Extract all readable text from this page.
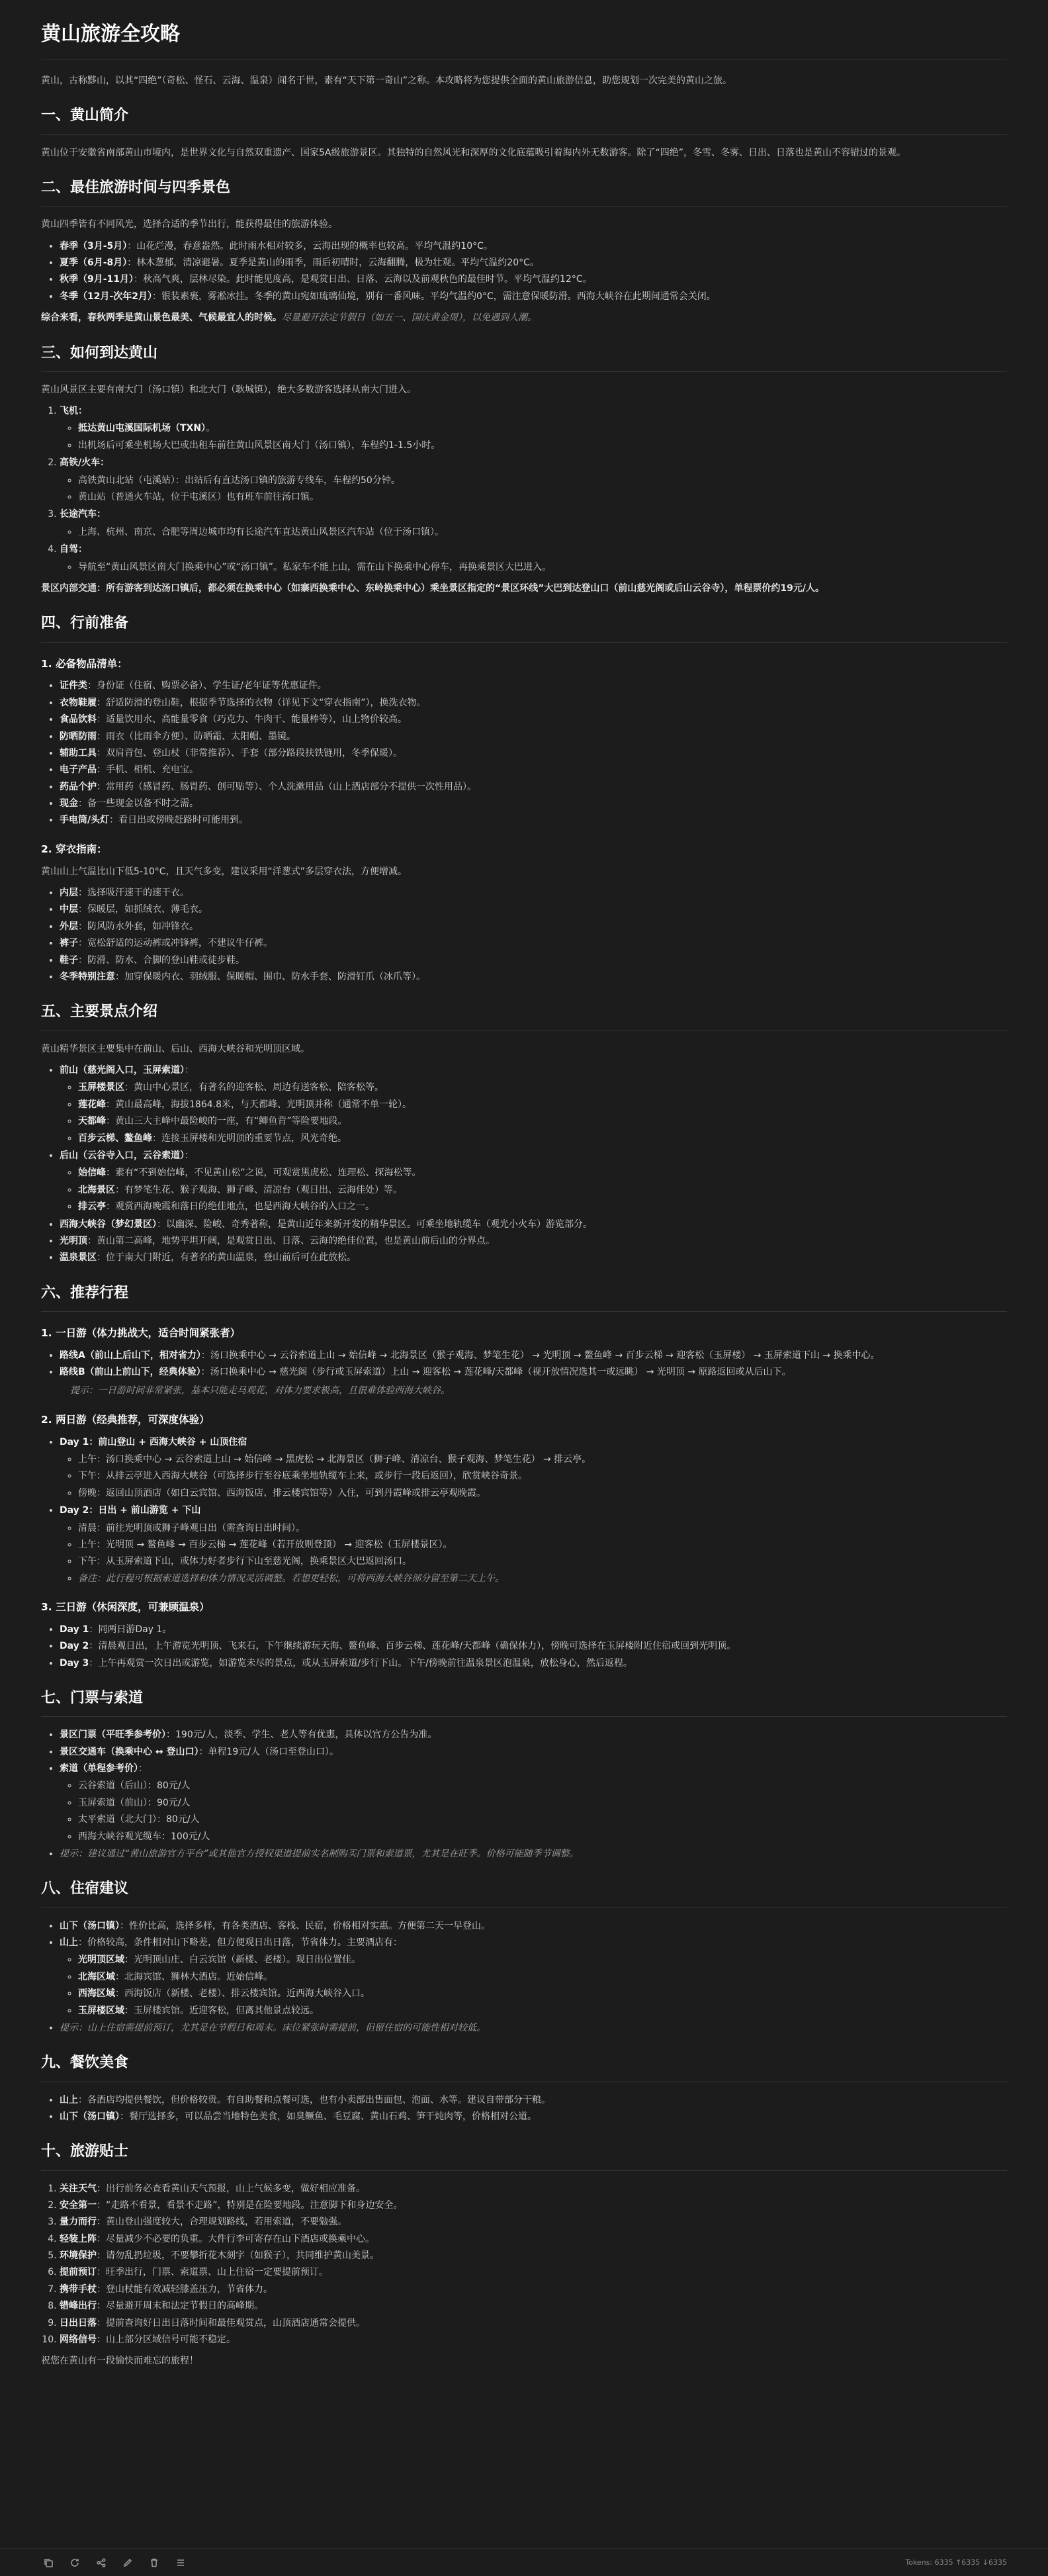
黄山旅游全攻略

黄山，古称黟山，以其“四绝”（奇松、怪石、云海、温泉）闻名于世，素有“天下第一奇山”之称。本攻略将为您提供全面的黄山旅游信息，助您规划一次完美的黄山之旅。

一、黄山简介

黄山位于安徽省南部黄山市境内，是世界文化与自然双重遗产、国家5A级旅游景区。其独特的自然风光和深厚的文化底蕴吸引着海内外无数游客。除了“四绝”，冬雪、冬雾、日出、日落也是黄山不容错过的景观。

二、最佳旅游时间与四季景色

黄山四季皆有不同风光，选择合适的季节出行，能获得最佳的旅游体验。

• 春季（3月-5月）：山花烂漫，春意盎然。此时雨水相对较多，云海出现的概率也较高。平均气温约10°C。
• 夏季（6月-8月）：林木葱郁，清凉避暑。夏季是黄山的雨季，雨后初晴时，云海翻腾，极为壮观。平均气温约20°C。
• 秋季（9月-11月）：秋高气爽，层林尽染。此时能见度高，是观赏日出、日落、云海以及前观秋色的最佳时节。平均气温约12°C。
• 冬季（12月-次年2月）：银装素裹，雾凇冰挂。冬季的黄山宛如琉璃仙境，别有一番风味。平均气温约0°C，需注意保暖防滑。西海大峡谷在此期间通常会关闭。

综合来看，春秋两季是黄山景色最美、气候最宜人的时候。尽量避开法定节假日（如五一、国庆黄金周），以免遇到人潮。

三、如何到达黄山

黄山风景区主要有南大门（汤口镇）和北大门（耿城镇），绝大多数游客选择从南大门进入。

1. 飞机：
◦ 抵达黄山屯溪国际机场（TXN）。
◦ 出机场后可乘坐机场大巴或出租车前往黄山风景区南大门（汤口镇），车程约1-1.5小时。
2. 高铁/火车：
◦ 高铁黄山北站（屯溪站）：出站后有直达汤口镇的旅游专线车，车程约50分钟。
◦ 黄山站（普通火车站，位于屯溪区）也有班车前往汤口镇。
3. 长途汽车：
◦ 上海、杭州、南京、合肥等周边城市均有长途汽车直达黄山风景区汽车站（位于汤口镇）。
4. 自驾：
◦ 导航至“黄山风景区南大门换乘中心”或“汤口镇”。私家车不能上山，需在山下换乘中心停车，再换乘景区大巴进入。

景区内部交通：所有游客到达汤口镇后，都必须在换乘中心（如寨西换乘中心、东岭换乘中心）乘坐景区指定的“景区环线”大巴到达登山口（前山慈光阁或后山云谷寺），单程票价约19元/人。

四、行前准备
1. 必备物品清单：
• 证件类：身份证（住宿、购票必备）、学生证/老年证等优惠证件。
• 衣物鞋履：舒适防滑的登山鞋，根据季节选择的衣物（详见下文“穿衣指南”），换洗衣物。
• 食品饮料：适量饮用水、高能量零食（巧克力、牛肉干、能量棒等），山上物价较高。
• 防晒防雨：雨衣（比雨伞方便）、防晒霜、太阳帽、墨镜。
• 辅助工具：双肩背包、登山杖（非常推荐）、手套（部分路段扶铁链用，冬季保暖）。
• 电子产品：手机、相机、充电宝。
• 药品个护：常用药（感冒药、肠胃药、创可贴等）、个人洗漱用品（山上酒店部分不提供一次性用品）。
• 现金：备一些现金以备不时之需。
• 手电筒/头灯：看日出或傍晚赶路时可能用到。
2. 穿衣指南：

黄山山上气温比山下低5-10°C，且天气多变，建议采用“洋葱式”多层穿衣法，方便增减。

• 内层：选择吸汗速干的速干衣。
• 中层：保暖层，如抓绒衣、薄毛衣。
• 外层：防风防水外套，如冲锋衣。
• 裤子：宽松舒适的运动裤或冲锋裤，不建议牛仔裤。
• 鞋子：防滑、防水、合脚的登山鞋或徒步鞋。
• 冬季特别注意：加穿保暖内衣、羽绒服、保暖帽、围巾、防水手套、防滑钉爪（冰爪等）。
五、主要景点介绍

黄山精华景区主要集中在前山、后山、西海大峡谷和光明顶区域。

• 前山（慈光阁入口，玉屏索道）：
◦ 玉屏楼景区：黄山中心景区，有著名的迎客松、周边有送客松、陪客松等。
◦ 莲花峰：黄山最高峰，海拔1864.8米，与天都峰、光明顶并称（通常不单一轮）。
◦ 天都峰：黄山三大主峰中最险峻的一座，有“鲫鱼背”等险要地段。
◦ 百步云梯、鳌鱼峰：连接玉屏楼和光明顶的重要节点，风光奇绝。
• 后山（云谷寺入口，云谷索道）：
◦ 始信峰：素有“不到始信峰，不见黄山松”之说，可观赏黑虎松、连理松、探海松等。
◦ 北海景区：有梦笔生花、猴子观海、狮子峰、清凉台（观日出、云海佳处）等。
◦ 排云亭：观赏西海晚霞和落日的绝佳地点，也是西海大峡谷的入口之一。
• 西海大峡谷（梦幻景区）：以幽深、险峻、奇秀著称，是黄山近年来新开发的精华景区。可乘坐地轨缆车（观光小火车）游览部分。
• 光明顶：黄山第二高峰，地势平坦开阔，是观赏日出、日落、云海的绝佳位置，也是黄山前后山的分界点。
• 温泉景区：位于南大门附近，有著名的黄山温泉，登山前后可在此放松。
六、推荐行程
1. 一日游（体力挑战大，适合时间紧张者）
• 路线A（前山上后山下，相对省力）：汤口换乘中心 → 云谷索道上山 → 始信峰 → 北海景区（猴子观海、梦笔生花） → 光明顶 → 鳌鱼峰 → 百步云梯 → 迎客松（玉屏楼） → 玉屏索道下山 → 换乘中心。
• 路线B（前山上前山下，经典体验）：汤口换乘中心 → 慈光阁（步行或玉屏索道）上山 → 迎客松 → 莲花峰/天都峰（视开放情况选其一或远眺） → 光明顶 → 原路返回或从后山下。
提示：一日游时间非常紧张，基本只能走马观花，对体力要求极高，且很难体验西海大峡谷。
2. 两日游（经典推荐，可深度体验）
• Day 1：前山登山 + 西海大峡谷 + 山顶住宿
◦ 上午：汤口换乘中心 → 云谷索道上山 → 始信峰 → 黑虎松 → 北海景区（狮子峰、清凉台、猴子观海、梦笔生花） → 排云亭。
◦ 下午：从排云亭进入西海大峡谷（可选择步行至谷底乘坐地轨缆车上来，或步行一段后返回），欣赏峡谷奇景。
◦ 傍晚：返回山顶酒店（如白云宾馆、西海饭店、排云楼宾馆等）入住，可到丹霞峰或排云亭观晚霞。
• Day 2：日出 + 前山游览 + 下山
◦ 清晨：前往光明顶或狮子峰观日出（需查询日出时间）。
◦ 上午：光明顶 → 鳌鱼峰 → 百步云梯 → 莲花峰（若开放则登顶） → 迎客松（玉屏楼景区）。
◦ 下午：从玉屏索道下山，或体力好者步行下山至慈光阁，换乘景区大巴返回汤口。
◦ 备注：此行程可根据索道选择和体力情况灵活调整。若想更轻松，可将西海大峡谷部分留至第二天上午。
3. 三日游（休闲深度，可兼顾温泉）
• Day 1：同两日游Day 1。
• Day 2：清晨观日出，上午游览光明顶、飞来石，下午继续游玩天海、鳌鱼峰、百步云梯、莲花峰/天都峰（确保体力），傍晚可选择在玉屏楼附近住宿或回到光明顶。
• Day 3：上午再观赏一次日出或游览，如游览未尽的景点，或从玉屏索道/步行下山。下午/傍晚前往温泉景区泡温泉，放松身心，然后返程。
七、门票与索道
• 景区门票（平旺季参考价）：190元/人，淡季、学生、老人等有优惠，具体以官方公告为准。
• 景区交通车（换乘中心 ↔ 登山口）：单程19元/人（汤口至登山口）。
• 索道（单程参考价）：
◦ 云谷索道（后山）：80元/人
◦ 玉屏索道（前山）：90元/人
◦ 太平索道（北大门）：80元/人
◦ 西海大峡谷观光缆车：100元/人
• 提示：建议通过“黄山旅游官方平台”或其他官方授权渠道提前实名制购买门票和索道票，尤其是在旺季。价格可能随季节调整。
八、住宿建议
• 山下（汤口镇）：性价比高，选择多样，有各类酒店、客栈、民宿，价格相对实惠。方便第二天一早登山。
• 山上：价格较高，条件相对山下略差，但方便观日出日落，节省体力。主要酒店有：
◦ 光明顶区域：光明顶山庄、白云宾馆（新楼、老楼）。观日出位置佳。
◦ 北海区域：北海宾馆、狮林大酒店。近始信峰。
◦ 西海区域：西海饭店（新楼、老楼）、排云楼宾馆。近西海大峡谷入口。
◦ 玉屏楼区域：玉屏楼宾馆。近迎客松，但离其他景点较远。
• 提示：山上住宿需提前预订，尤其是在节假日和周末。床位紧张时需提前，但留住宿的可能性相对较低。
九、餐饮美食
• 山上：各酒店均提供餐饮，但价格较贵。有自助餐和点餐可选，也有小卖部出售面包、泡面、水等。建议自带部分干粮。
• 山下（汤口镇）：餐厅选择多，可以品尝当地特色美食，如臭鳜鱼、毛豆腐、黄山石鸡、笋干炖肉等，价格相对公道。
十、旅游贴士
1. 关注天气：出行前务必查看黄山天气预报，山上气候多变，做好相应准备。
2. 安全第一：“走路不看景，看景不走路”，特别是在险要地段。注意脚下和身边安全。
3. 量力而行：黄山登山强度较大，合理规划路线，若用索道，不要勉强。
4. 轻装上阵：尽量减少不必要的负重。大件行李可寄存在山下酒店或换乘中心。
5. 环境保护：请勿乱扔垃圾，不要攀折花木刻字（如猴子），共同维护黄山美景。
6. 提前预订：旺季出行，门票、索道票、山上住宿一定要提前预订。
7. 携带手杖：登山杖能有效减轻膝盖压力，节省体力。
8. 错峰出行：尽量避开周末和法定节假日的高峰期。
9. 日出日落：提前查询好日出日落时间和最佳观赏点，山顶酒店通常会提供。
10. 网络信号：山上部分区域信号可能不稳定。

祝您在黄山有一段愉快而难忘的旅程！

Tokens: 6335 ↑6335 ↓6335
